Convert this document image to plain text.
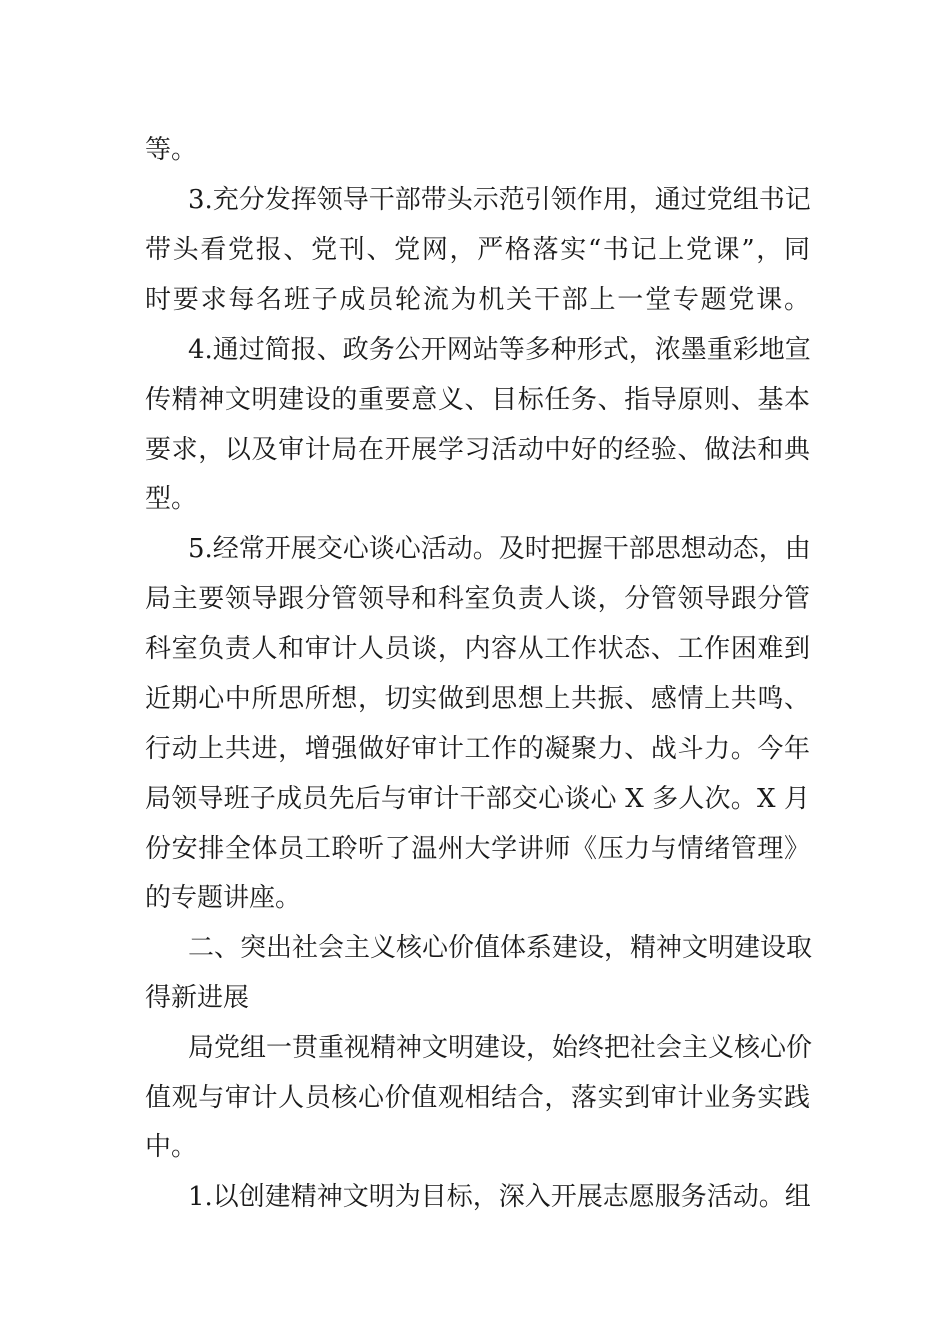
等。
3.充分发挥领导干部带头示范引领作用，通过党组书记
带头看党报、党刊、党网，严格落实“书记上党课”，同
时要求每名班子成员轮流为机关干部上一堂专题党课。
4.通过简报、政务公开网站等多种形式，浓墨重彩地宣
传精神文明建设的重要意义、目标任务、指导原则、基本
要求，以及审计局在开展学习活动中好的经验、做法和典
型。
5.经常开展交心谈心活动。及时把握干部思想动态，由
局主要领导跟分管领导和科室负责人谈，分管领导跟分管
科室负责人和审计人员谈，内容从工作状态、工作困难到
近期心中所思所想，切实做到思想上共振、感情上共鸣、
行动上共进，增强做好审计工作的凝聚力、战斗力。今年
局领导班子成员先后与审计干部交心谈心 X 多人次。X 月
份安排全体员工聆听了温州大学讲师《压力与情绪管理》
的专题讲座。
二、突出社会主义核心价值体系建设，精神文明建设取
得新进展
局党组一贯重视精神文明建设，始终把社会主义核心价
值观与审计人员核心价值观相结合，落实到审计业务实践
中。
1.以创建精神文明为目标，深入开展志愿服务活动。组
